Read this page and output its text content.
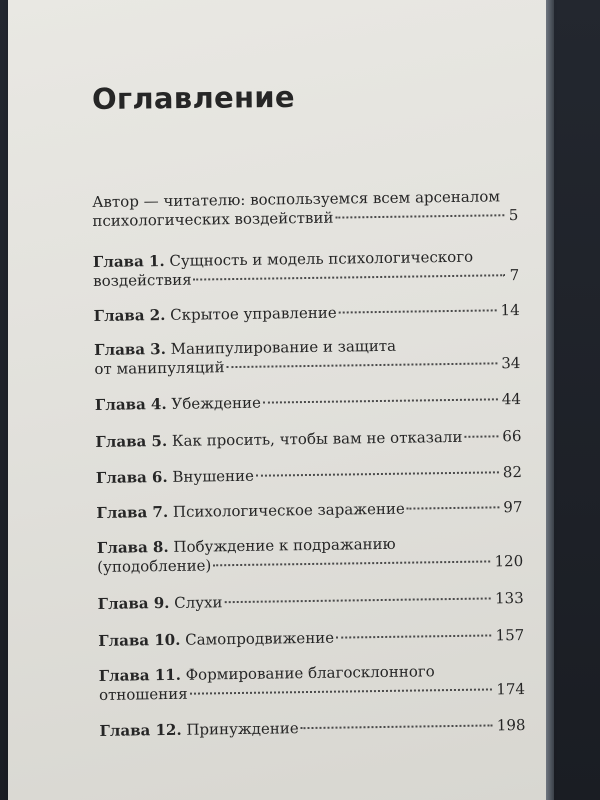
Оглавление
Автор — читателю: воспользуемся всем арсеналом
психологических воздействий	5
Глава 1. Сущность и модель психологического
воздействия	7
Глава 2.
Скрытое управление	14
Глава 3. Манипулирование и защита
от манипуляций	34
Глава 4.
Убеждение	44
Глава 5.
Как просить, чтобы вам не отказали	66
Глава 6.
Внушение	82
Глава 7.
Психологическое заражение	97
Глава 8. Побуждение к подражанию
(уподобление)	120
Глава 9.
Слухи	133
Глава 10.
Самопродвижение	157
Глава 11. Формирование благосклонного
отношения	174
Глава 12.
Принуждение	198
